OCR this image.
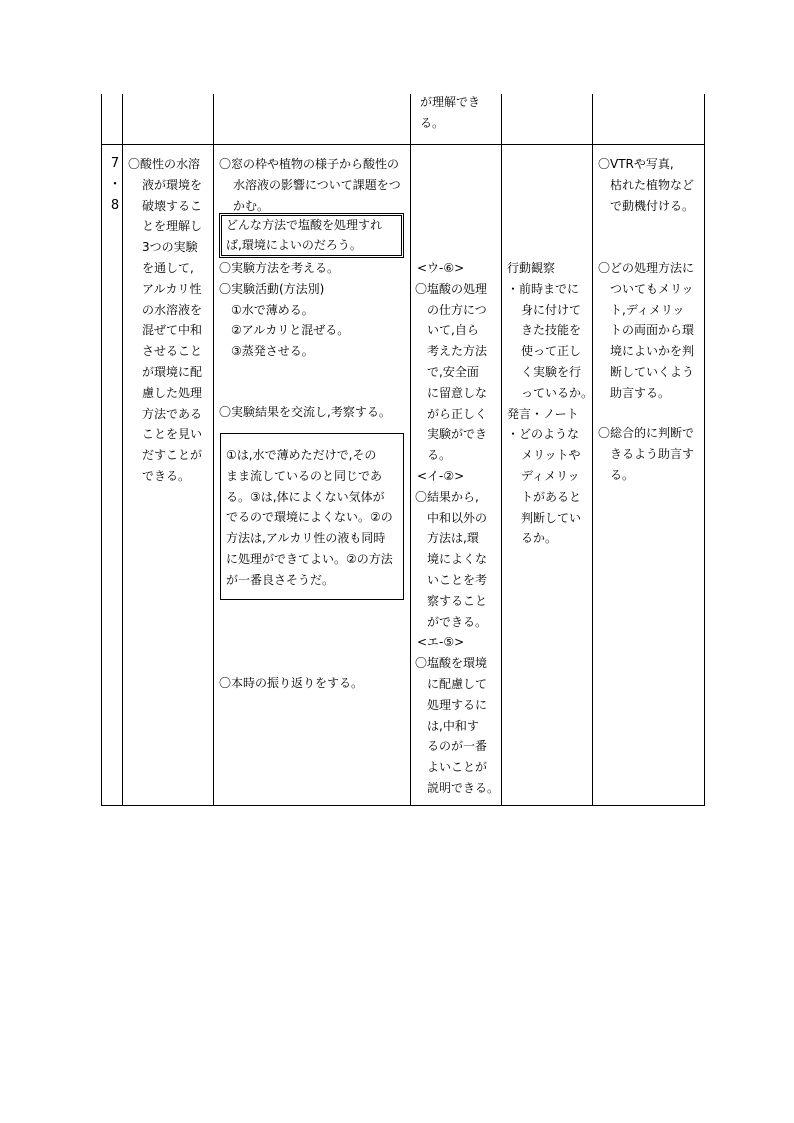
が理解でき
る。
7
・
8
〇酸性の水溶
液が環境を
破壊するこ
とを理解し
3つの実験
を通して,
アルカリ性
の水溶液を
混ぜて中和
させること
が環境に配
慮した処理
方法である
ことを見い
だすことが
できる。
〇窓の枠や植物の様子から酸性の
水溶液の影響について課題をつ
かむ。
どんな方法で塩酸を処理すれ
ば,環境によいのだろう。
〇実験方法を考える。
〇実験活動(方法別)
①水で薄める。
②アルカリと混ぜる。
③蒸発させる。
〇実験結果を交流し,考察する。
①は,水で薄めただけで,その
まま流しているのと同じであ
る。③は,体によくない気体が
でるので環境によくない。②の
方法は,アルカリ性の液も同時
に処理ができてよい。②の方法
が一番良さそうだ。
〇本時の振り返りをする。
<ウ-⑥>
〇塩酸の処理
の仕方につ
いて,自ら
考えた方法
で,安全面
に留意しな
がら正しく
実験ができ
る。
<イ-②>
〇結果から,
中和以外の
方法は,環
境によくな
いことを考
察すること
ができる。
<エ-⑤>
〇塩酸を環境
に配慮して
処理するに
は,中和す
るのが一番
よいことが
説明できる。
行動観察
・前時までに
身に付けて
きた技能を
使って正し
く実験を行
っているか。
発言・ノート
・どのような
メリットや
ディメリッ
トがあると
判断してい
るか。
〇VTRや写真,
枯れた植物など
で動機付ける。
〇どの処理方法に
ついてもメリッ
ト,ディメリッ
トの両面から環
境によいかを判
断していくよう
助言する。
〇総合的に判断で
きるよう助言す
る。
